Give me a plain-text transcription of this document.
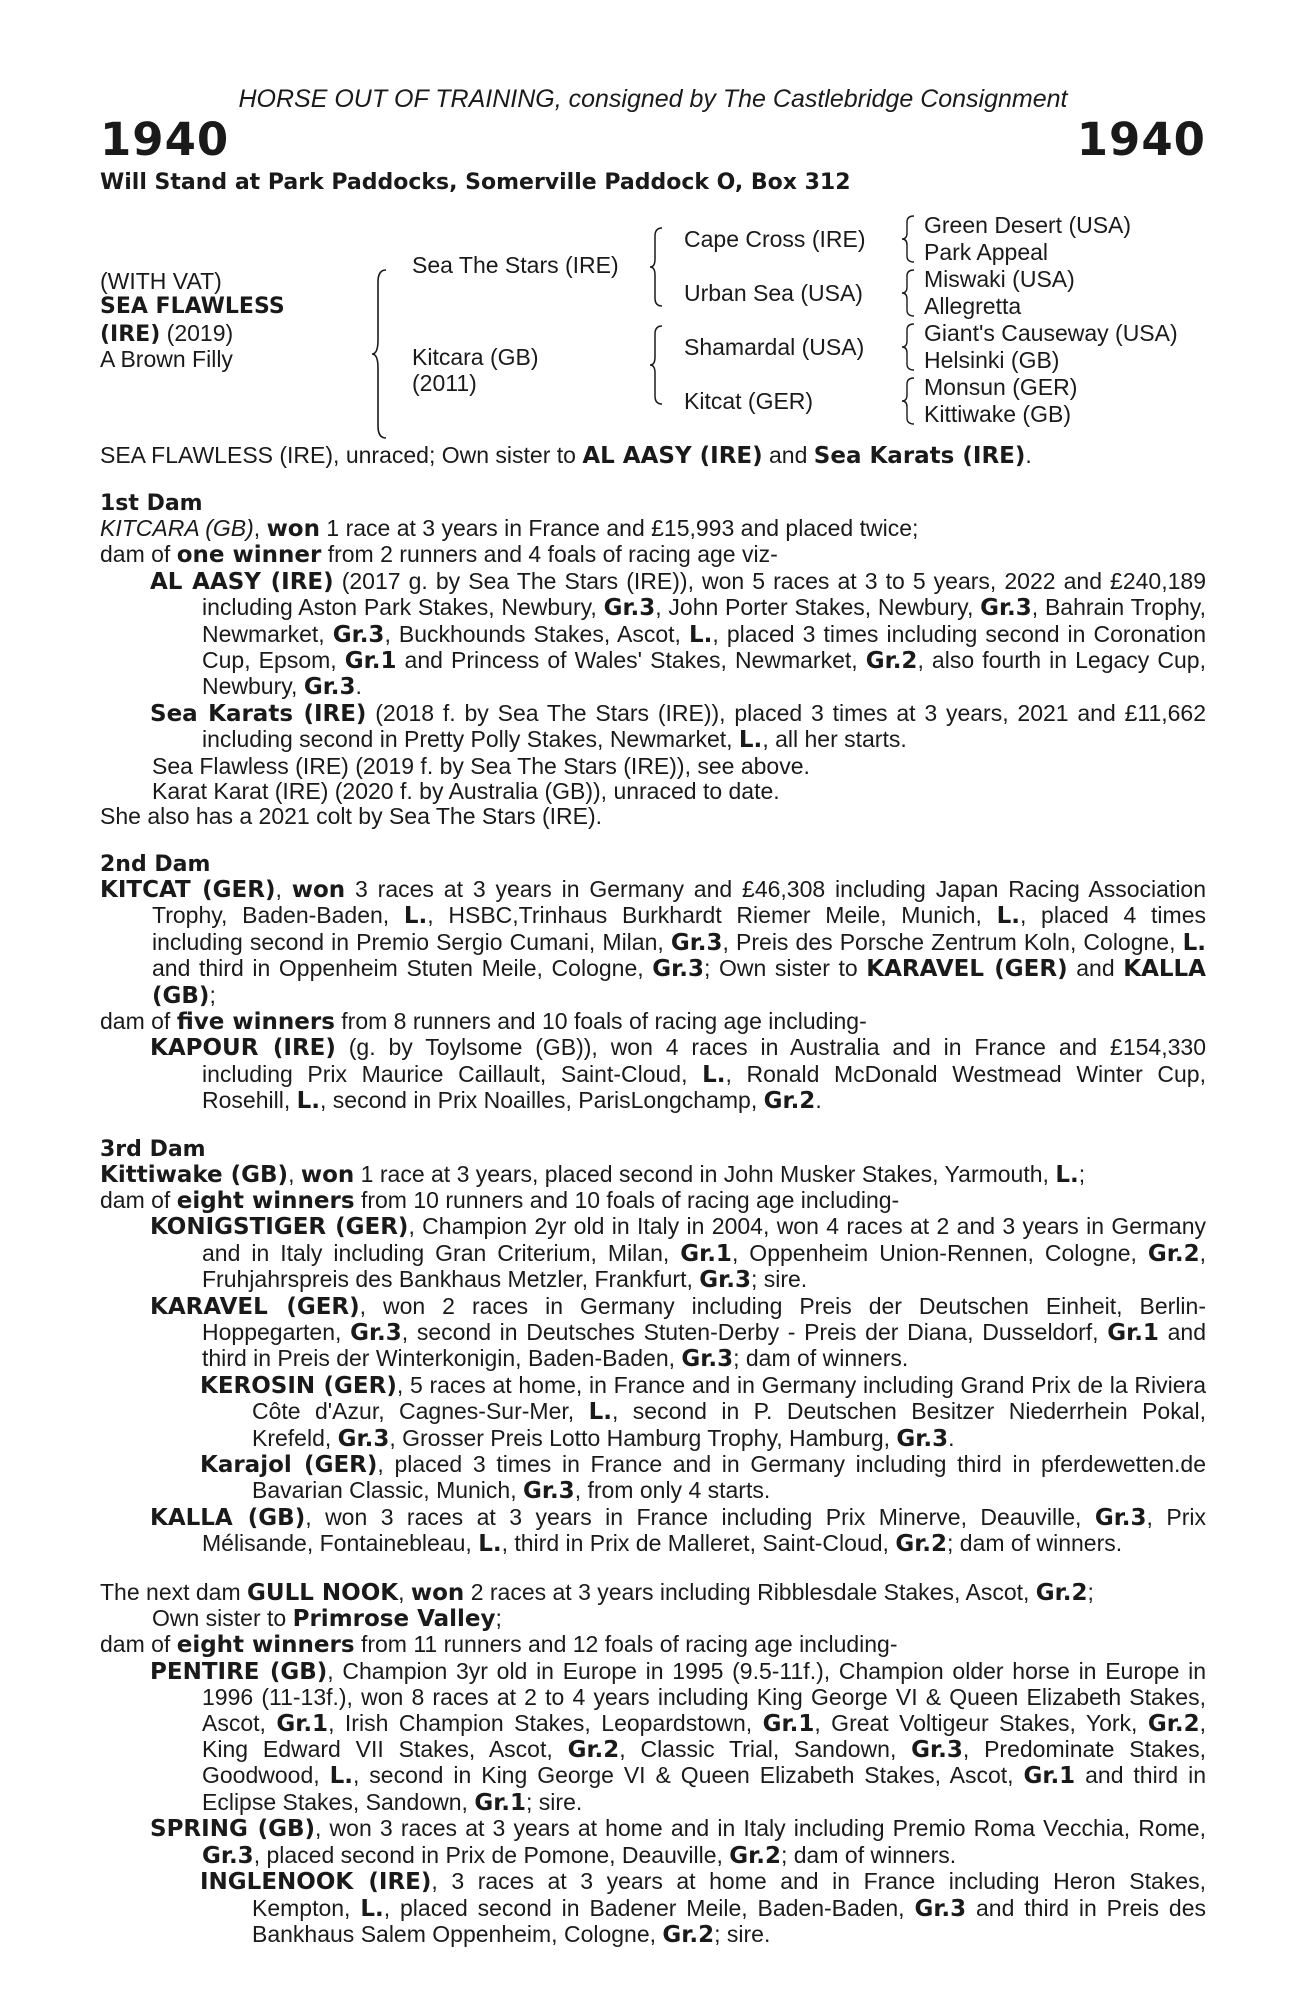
HORSE OUT OF TRAINING, consigned by The Castlebridge Consignment
1940	1940
Will Stand at Park Paddocks, Somerville Paddock O, Box 312
(WITH VAT)
SEA FLAWLESS
(IRE) (2019)
A Brown Filly
Sea The Stars (IRE)
Kitcara (GB)
(2011)
Cape Cross (IRE)
Urban Sea (USA)
Shamardal (USA)
Kitcat (GER)
Green Desert (USA)
Park Appeal
Miswaki (USA)
Allegretta
Giant's Causeway (USA)
Helsinki (GB)
Monsun (GER)
Kittiwake (GB)
SEA FLAWLESS (IRE), unraced; Own sister to AL AASY (IRE) and Sea Karats (IRE).
1st Dam
KITCARA (GB), won 1 race at 3 years in France and £15,993 and placed twice;
dam of one winner from 2 runners and 4 foals of racing age viz-
AL AASY (IRE) (2017 g. by Sea The Stars (IRE)), won 5 races at 3 to 5 years, 2022 and £240,189 including Aston Park Stakes, Newbury, Gr.3, John Porter Stakes, Newbury, Gr.3, Bahrain Trophy, Newmarket, Gr.3, Buckhounds Stakes, Ascot, L., placed 3 times including second in Coronation Cup, Epsom, Gr.1 and Princess of Wales' Stakes, Newmarket, Gr.2, also fourth in Legacy Cup, Newbury, Gr.3.
Sea Karats (IRE) (2018 f. by Sea The Stars (IRE)), placed 3 times at 3 years, 2021 and £11,662 including second in Pretty Polly Stakes, Newmarket, L., all her starts.
Sea Flawless (IRE) (2019 f. by Sea The Stars (IRE)), see above.
Karat Karat (IRE) (2020 f. by Australia (GB)), unraced to date.
She also has a 2021 colt by Sea The Stars (IRE).
2nd Dam
KITCAT (GER), won 3 races at 3 years in Germany and £46,308 including Japan Racing Association Trophy, Baden-Baden, L., HSBC,Trinhaus Burkhardt Riemer Meile, Munich, L., placed 4 times including second in Premio Sergio Cumani, Milan, Gr.3, Preis des Porsche Zentrum Koln, Cologne, L. and third in Oppenheim Stuten Meile, Cologne, Gr.3; Own sister to KARAVEL (GER) and KALLA (GB);
dam of five winners from 8 runners and 10 foals of racing age including-
KAPOUR (IRE) (g. by Toylsome (GB)), won 4 races in Australia and in France and £154,330 including Prix Maurice Caillault, Saint-Cloud, L., Ronald McDonald Westmead Winter Cup, Rosehill, L., second in Prix Noailles, ParisLongchamp, Gr.2.
3rd Dam
Kittiwake (GB), won 1 race at 3 years, placed second in John Musker Stakes, Yarmouth, L.;
dam of eight winners from 10 runners and 10 foals of racing age including-
KONIGSTIGER (GER), Champion 2yr old in Italy in 2004, won 4 races at 2 and 3 years in Germany and in Italy including Gran Criterium, Milan, Gr.1, Oppenheim Union-Rennen, Cologne, Gr.2, Fruhjahrspreis des Bankhaus Metzler, Frankfurt, Gr.3; sire.
KARAVEL (GER), won 2 races in Germany including Preis der Deutschen Einheit, Berlin-Hoppegarten, Gr.3, second in Deutsches Stuten-Derby - Preis der Diana, Dusseldorf, Gr.1 and third in Preis der Winterkonigin, Baden-Baden, Gr.3; dam of winners.
KEROSIN (GER), 5 races at home, in France and in Germany including Grand Prix de la Riviera Côte d'Azur, Cagnes-Sur-Mer, L., second in P. Deutschen Besitzer Niederrhein Pokal, Krefeld, Gr.3, Grosser Preis Lotto Hamburg Trophy, Hamburg, Gr.3.
Karajol (GER), placed 3 times in France and in Germany including third in pferdewetten.de Bavarian Classic, Munich, Gr.3, from only 4 starts.
KALLA (GB), won 3 races at 3 years in France including Prix Minerve, Deauville, Gr.3, Prix Mélisande, Fontainebleau, L., third in Prix de Malleret, Saint-Cloud, Gr.2; dam of winners.
The next dam GULL NOOK, won 2 races at 3 years including Ribblesdale Stakes, Ascot, Gr.2;
Own sister to Primrose Valley;
dam of eight winners from 11 runners and 12 foals of racing age including-
PENTIRE (GB), Champion 3yr old in Europe in 1995 (9.5-11f.), Champion older horse in Europe in 1996 (11-13f.), won 8 races at 2 to 4 years including King George VI & Queen Elizabeth Stakes, Ascot, Gr.1, Irish Champion Stakes, Leopardstown, Gr.1, Great Voltigeur Stakes, York, Gr.2, King Edward VII Stakes, Ascot, Gr.2, Classic Trial, Sandown, Gr.3, Predominate Stakes, Goodwood, L., second in King George VI & Queen Elizabeth Stakes, Ascot, Gr.1 and third in Eclipse Stakes, Sandown, Gr.1; sire.
SPRING (GB), won 3 races at 3 years at home and in Italy including Premio Roma Vecchia, Rome, Gr.3, placed second in Prix de Pomone, Deauville, Gr.2; dam of winners.
INGLENOOK (IRE), 3 races at 3 years at home and in France including Heron Stakes, Kempton, L., placed second in Badener Meile, Baden-Baden, Gr.3 and third in Preis des Bankhaus Salem Oppenheim, Cologne, Gr.2; sire.
